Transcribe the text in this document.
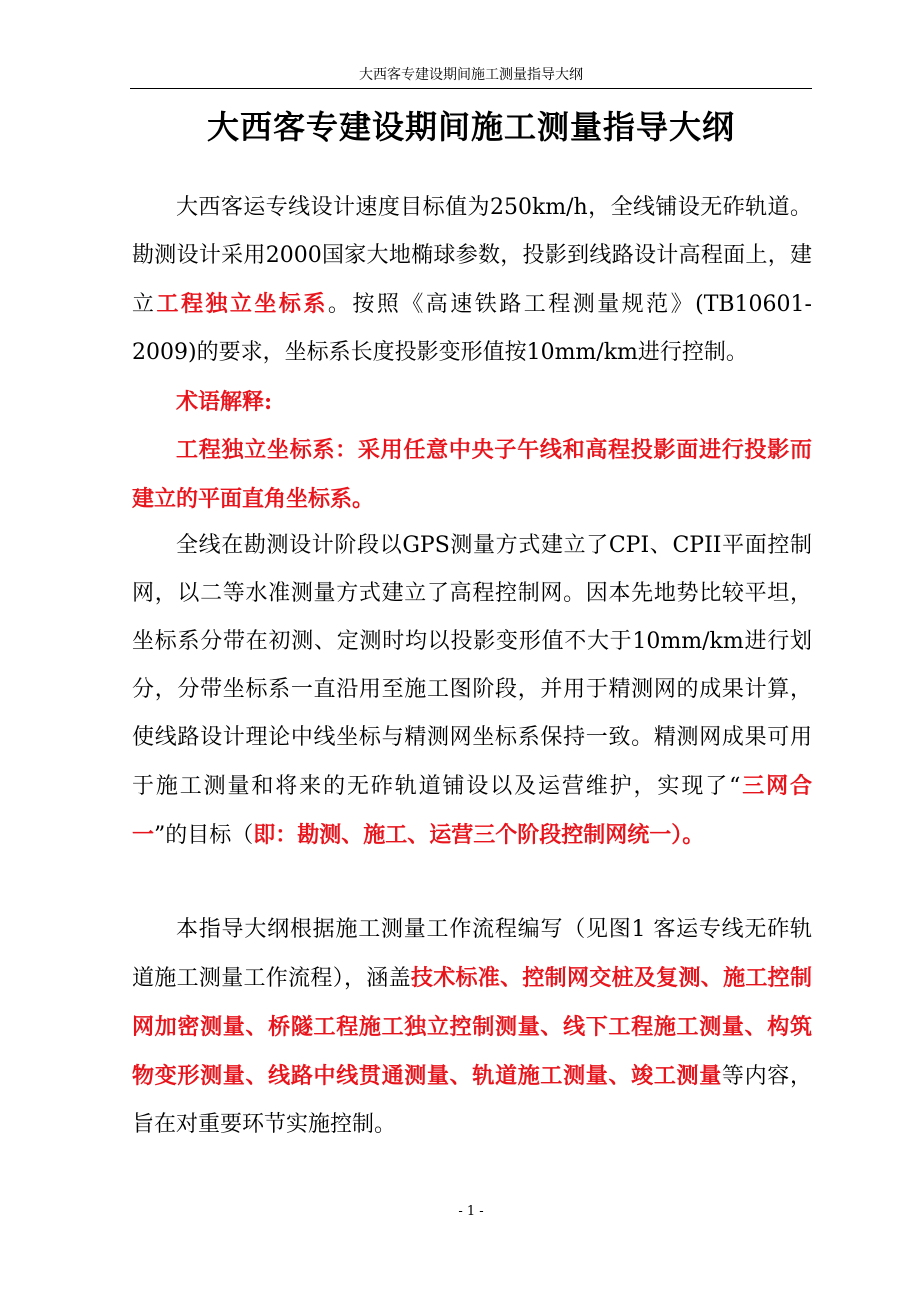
大西客专建设期间施工测量指导大纲
大西客专建设期间施工测量指导大纲

大西客运专线设计速度目标值为250km/h，全线铺设无砟轨道。勘测设计采用2000国家大地椭球参数，投影到线路设计高程面上，建立工程独立坐标系。按照《高速铁路工程测量规范》(TB10601-2009)的要求，坐标系长度投影变形值按10mm/km进行控制。

术语解释:

工程独立坐标系：采用任意中央子午线和高程投影面进行投影而建立的平面直角坐标系。

全线在勘测设计阶段以GPS测量方式建立了CPI、CPII平面控制网，以二等水准测量方式建立了高程控制网。因本先地势比较平坦，坐标系分带在初测、定测时均以投影变形值不大于10mm/km进行划分，分带坐标系一直沿用至施工图阶段，并用于精测网的成果计算，使线路设计理论中线坐标与精测网坐标系保持一致。精测网成果可用于施工测量和将来的无砟轨道铺设以及运营维护，实现了“三网合一”的目标（即：勘测、施工、运营三个阶段控制网统一）。

本指导大纲根据施工测量工作流程编写（见图1 客运专线无砟轨道施工测量工作流程），涵盖技术标准、控制网交桩及复测、施工控制网加密测量、桥隧工程施工独立控制测量、线下工程施工测量、构筑物变形测量、线路中线贯通测量、轨道施工测量、竣工测量等内容，旨在对重要环节实施控制。

- 1 -
